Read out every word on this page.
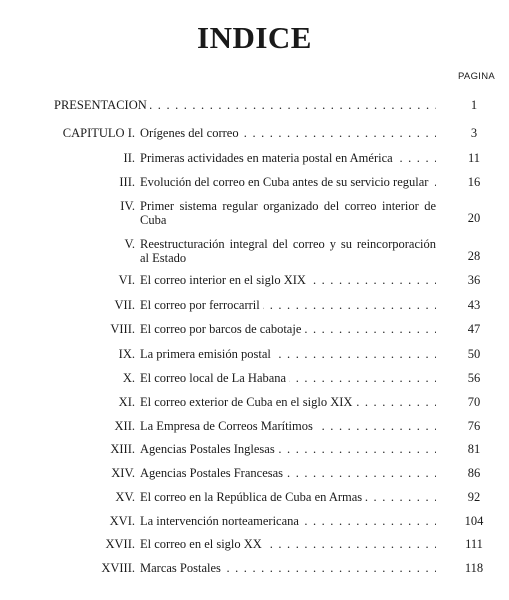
INDICE
PAGINA
PRESENTACION . . .	1
CAPITULO I. Orígenes del correo . . .	3
II. Primeras actividades en materia postal en América . . .	11
III. Evolución del correo en Cuba antes de su servicio regular . . .	16
IV. Primer sistema regular organizado del correo interior de Cuba	20
V. Reestructuración integral del correo y su reincorporación al Estado	28
VI. El correo interior en el siglo XIX . . .	36
VII. El correo por ferrocarril . . .	43
VIII. El correo por barcos de cabotaje . . .	47
IX. La primera emisión postal . . .	50
X. El correo local de La Habana . . .	56
XI. El correo exterior de Cuba en el siglo XIX . . .	70
XII. La Empresa de Correos Marítimos . . .	76
XIII. Agencias Postales Inglesas . . .	81
XIV. Agencias Postales Francesas . . .	86
XV. El correo en la República de Cuba en Armas . . .	92
XVI. La intervención norteamericana . . .	104
XVII. El correo en el siglo XX . . .	111
XVIII. Marcas Postales . . .	118
